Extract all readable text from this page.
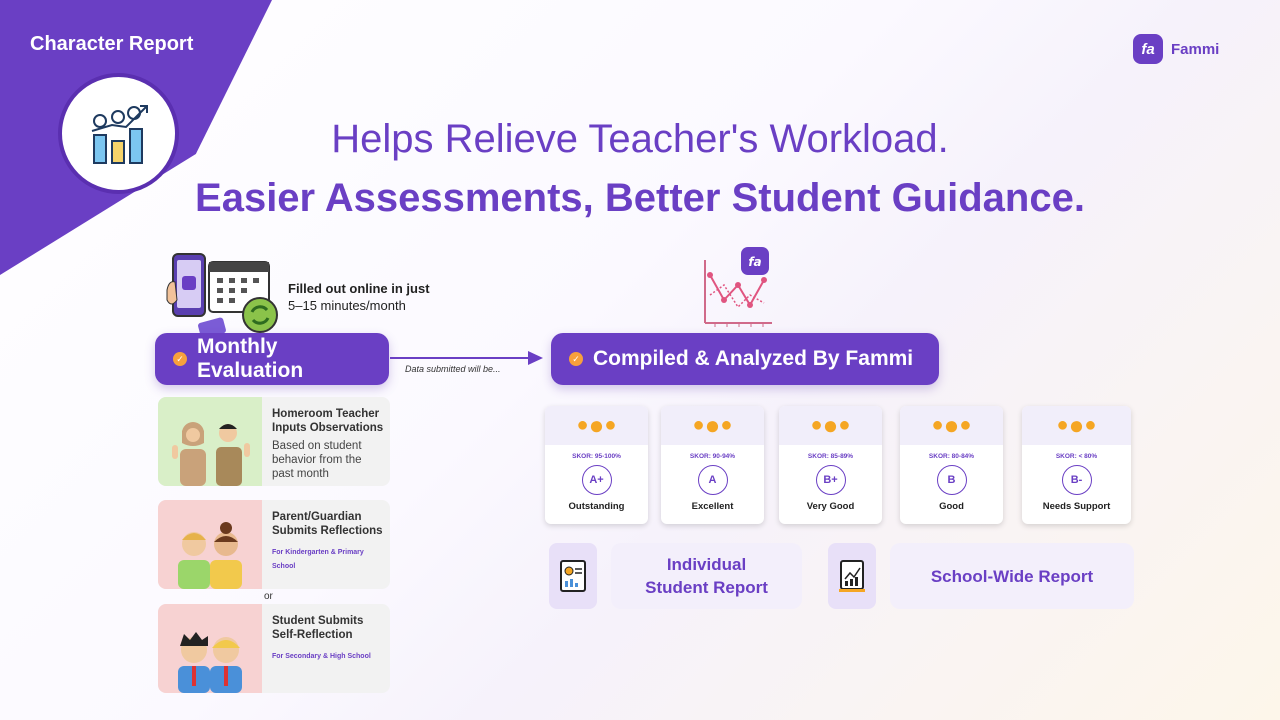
Character Report	fa	Fammi
Helps Relieve Teacher's Workload.
Easier Assessments, Better Student Guidance.
Filled out online in just
5–15 minutes/month
✓
Monthly Evaluation	Data submitted will be...
fa
✓ Compiled & Analyzed By Fammi
Homeroom Teacher Inputs Observations
Based on student behavior from the past month
Parent/Guardian Submits Reflections
For Kindergarten & Primary School
or
Student Submits Self-Reflection
For Secondary & High School
● ● ●
SKOR: 95-100%
A+
Outstanding
● ● ●
SKOR: 90-94%
A
Excellent
● ● ●
SKOR: 85-89%
B+
Very Good
● ● ●
SKOR: 80-84%
B
Good
● ● ●
SKOR: < 80%
B-
Needs Support
Individual
Student Report
School-Wide Report
